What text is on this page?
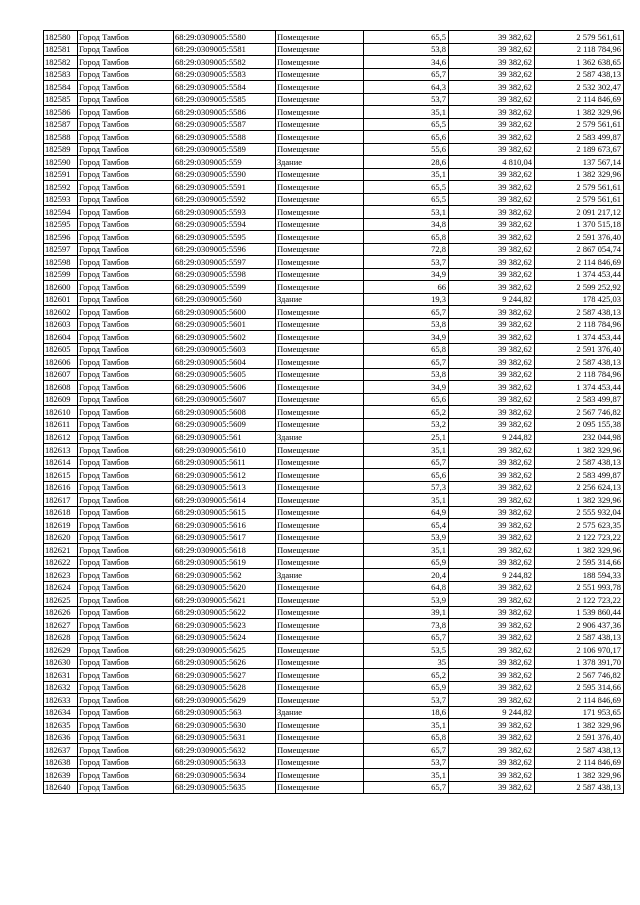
182580	Город Тамбов	68:29:0309005:5580	Помещение	65,5	39 382,62	2 579 561,61
182581	Город Тамбов	68:29:0309005:5581	Помещение	53,8	39 382,62	2 118 784,96
182582	Город Тамбов	68:29:0309005:5582	Помещение	34,6	39 382,62	1 362 638,65
182583	Город Тамбов	68:29:0309005:5583	Помещение	65,7	39 382,62	2 587 438,13
182584	Город Тамбов	68:29:0309005:5584	Помещение	64,3	39 382,62	2 532 302,47
182585	Город Тамбов	68:29:0309005:5585	Помещение	53,7	39 382,62	2 114 846,69
182586	Город Тамбов	68:29:0309005:5586	Помещение	35,1	39 382,62	1 382 329,96
182587	Город Тамбов	68:29:0309005:5587	Помещение	65,5	39 382,62	2 579 561,61
182588	Город Тамбов	68:29:0309005:5588	Помещение	65,6	39 382,62	2 583 499,87
182589	Город Тамбов	68:29:0309005:5589	Помещение	55,6	39 382,62	2 189 673,67
182590	Город Тамбов	68:29:0309005:559	Здание	28,6	4 810,04	137 567,14
182591	Город Тамбов	68:29:0309005:5590	Помещение	35,1	39 382,62	1 382 329,96
182592	Город Тамбов	68:29:0309005:5591	Помещение	65,5	39 382,62	2 579 561,61
182593	Город Тамбов	68:29:0309005:5592	Помещение	65,5	39 382,62	2 579 561,61
182594	Город Тамбов	68:29:0309005:5593	Помещение	53,1	39 382,62	2 091 217,12
182595	Город Тамбов	68:29:0309005:5594	Помещение	34,8	39 382,62	1 370 515,18
182596	Город Тамбов	68:29:0309005:5595	Помещение	65,8	39 382,62	2 591 376,40
182597	Город Тамбов	68:29:0309005:5596	Помещение	72,8	39 382,62	2 867 054,74
182598	Город Тамбов	68:29:0309005:5597	Помещение	53,7	39 382,62	2 114 846,69
182599	Город Тамбов	68:29:0309005:5598	Помещение	34,9	39 382,62	1 374 453,44
182600	Город Тамбов	68:29:0309005:5599	Помещение	66	39 382,62	2 599 252,92
182601	Город Тамбов	68:29:0309005:560	Здание	19,3	9 244,82	178 425,03
182602	Город Тамбов	68:29:0309005:5600	Помещение	65,7	39 382,62	2 587 438,13
182603	Город Тамбов	68:29:0309005:5601	Помещение	53,8	39 382,62	2 118 784,96
182604	Город Тамбов	68:29:0309005:5602	Помещение	34,9	39 382,62	1 374 453,44
182605	Город Тамбов	68:29:0309005:5603	Помещение	65,8	39 382,62	2 591 376,40
182606	Город Тамбов	68:29:0309005:5604	Помещение	65,7	39 382,62	2 587 438,13
182607	Город Тамбов	68:29:0309005:5605	Помещение	53,8	39 382,62	2 118 784,96
182608	Город Тамбов	68:29:0309005:5606	Помещение	34,9	39 382,62	1 374 453,44
182609	Город Тамбов	68:29:0309005:5607	Помещение	65,6	39 382,62	2 583 499,87
182610	Город Тамбов	68:29:0309005:5608	Помещение	65,2	39 382,62	2 567 746,82
182611	Город Тамбов	68:29:0309005:5609	Помещение	53,2	39 382,62	2 095 155,38
182612	Город Тамбов	68:29:0309005:561	Здание	25,1	9 244,82	232 044,98
182613	Город Тамбов	68:29:0309005:5610	Помещение	35,1	39 382,62	1 382 329,96
182614	Город Тамбов	68:29:0309005:5611	Помещение	65,7	39 382,62	2 587 438,13
182615	Город Тамбов	68:29:0309005:5612	Помещение	65,6	39 382,62	2 583 499,87
182616	Город Тамбов	68:29:0309005:5613	Помещение	57,3	39 382,62	2 256 624,13
182617	Город Тамбов	68:29:0309005:5614	Помещение	35,1	39 382,62	1 382 329,96
182618	Город Тамбов	68:29:0309005:5615	Помещение	64,9	39 382,62	2 555 932,04
182619	Город Тамбов	68:29:0309005:5616	Помещение	65,4	39 382,62	2 575 623,35
182620	Город Тамбов	68:29:0309005:5617	Помещение	53,9	39 382,62	2 122 723,22
182621	Город Тамбов	68:29:0309005:5618	Помещение	35,1	39 382,62	1 382 329,96
182622	Город Тамбов	68:29:0309005:5619	Помещение	65,9	39 382,62	2 595 314,66
182623	Город Тамбов	68:29:0309005:562	Здание	20,4	9 244,82	188 594,33
182624	Город Тамбов	68:29:0309005:5620	Помещение	64,8	39 382,62	2 551 993,78
182625	Город Тамбов	68:29:0309005:5621	Помещение	53,9	39 382,62	2 122 723,22
182626	Город Тамбов	68:29:0309005:5622	Помещение	39,1	39 382,62	1 539 860,44
182627	Город Тамбов	68:29:0309005:5623	Помещение	73,8	39 382,62	2 906 437,36
182628	Город Тамбов	68:29:0309005:5624	Помещение	65,7	39 382,62	2 587 438,13
182629	Город Тамбов	68:29:0309005:5625	Помещение	53,5	39 382,62	2 106 970,17
182630	Город Тамбов	68:29:0309005:5626	Помещение	35	39 382,62	1 378 391,70
182631	Город Тамбов	68:29:0309005:5627	Помещение	65,2	39 382,62	2 567 746,82
182632	Город Тамбов	68:29:0309005:5628	Помещение	65,9	39 382,62	2 595 314,66
182633	Город Тамбов	68:29:0309005:5629	Помещение	53,7	39 382,62	2 114 846,69
182634	Город Тамбов	68:29:0309005:563	Здание	18,6	9 244,82	171 953,65
182635	Город Тамбов	68:29:0309005:5630	Помещение	35,1	39 382,62	1 382 329,96
182636	Город Тамбов	68:29:0309005:5631	Помещение	65,8	39 382,62	2 591 376,40
182637	Город Тамбов	68:29:0309005:5632	Помещение	65,7	39 382,62	2 587 438,13
182638	Город Тамбов	68:29:0309005:5633	Помещение	53,7	39 382,62	2 114 846,69
182639	Город Тамбов	68:29:0309005:5634	Помещение	35,1	39 382,62	1 382 329,96
182640	Город Тамбов	68:29:0309005:5635	Помещение	65,7	39 382,62	2 587 438,13
